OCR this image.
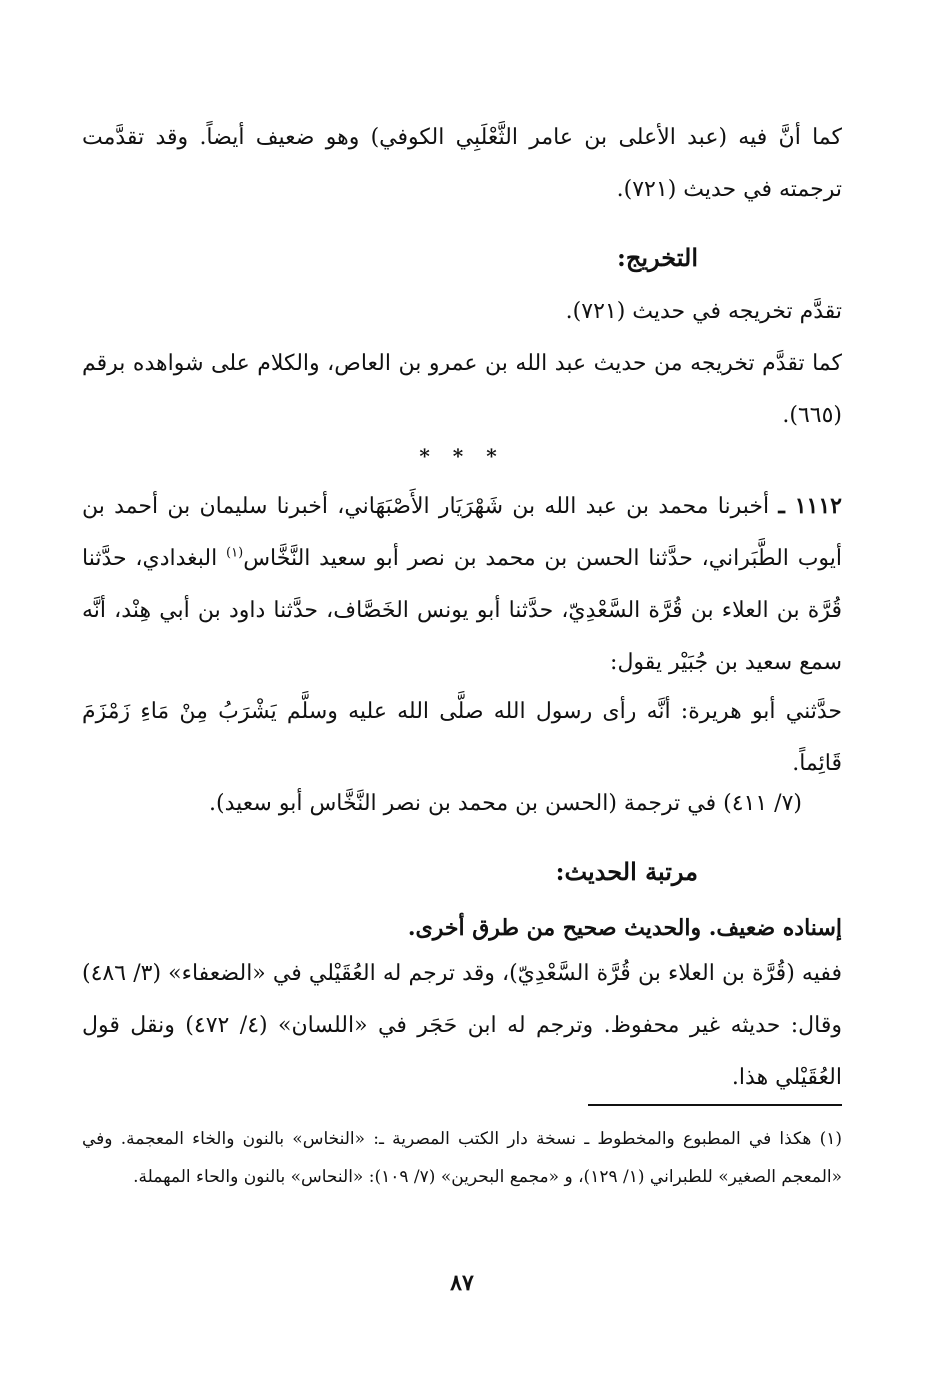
كما أنَّ فيه (عبد الأعلى بن عامر الثَّعْلَبِي الكوفي) وهو ضعيف أيضاً. وقد تقدَّمت ترجمته في حديث (٧٢١).

التخريج:

تقدَّم تخريجه في حديث (٧٢١).

كما تقدَّم تخريجه من حديث عبد الله بن عمرو بن العاص، والكلام على شواهده برقم (٦٦٥).

* * *

١١١٢ ـ أخبرنا محمد بن عبد الله بن شَهْرَيَار الأَصْبَهَاني، أخبرنا سليمان بن أحمد بن أيوب الطَّبَراني، حدَّثنا الحسن بن محمد بن نصر أبو سعيد النَّخَّاس$^{(١)}$ البغدادي، حدَّثنا قُرَّة بن العلاء بن قُرَّة السَّعْدِيّ، حدَّثنا أبو يونس الخَصَّاف، حدَّثنا داود بن أبي هِنْد، أنَّه سمع سعيد بن جُبَيْر يقول:

حدَّثني أبو هريرة: أنَّه رأى رسول الله صلَّى الله عليه وسلَّم يَشْرَبُ مِنْ مَاءِ زَمْزَمَ قَائِماً.

(٧/ ٤١١) في ترجمة (الحسن بن محمد بن نصر النَّخَّاس أبو سعيد).

مرتبة الحديث:

إسناده ضعيف. والحديث صحيح من طرق أخرى.

ففيه (قُرَّة بن العلاء بن قُرَّة السَّعْدِيّ)، وقد ترجم له العُقَيْلي في «الضعفاء» (٣/ ٤٨٦) وقال: حديثه غير محفوظ. وترجم له ابن حَجَر في «اللسان» (٤/ ٤٧٢) ونقل قول العُقَيْلي هذا.

(١) هكذا في المطبوع والمخطوط ـ نسخة دار الكتب المصرية ـ: «النخاس» بالنون والخاء المعجمة. وفي «المعجم الصغير» للطبراني (١/ ١٢٩)، و «مجمع البحرين» (٧/ ١٠٩): «النحاس» بالنون والحاء المهملة.

٨٧
